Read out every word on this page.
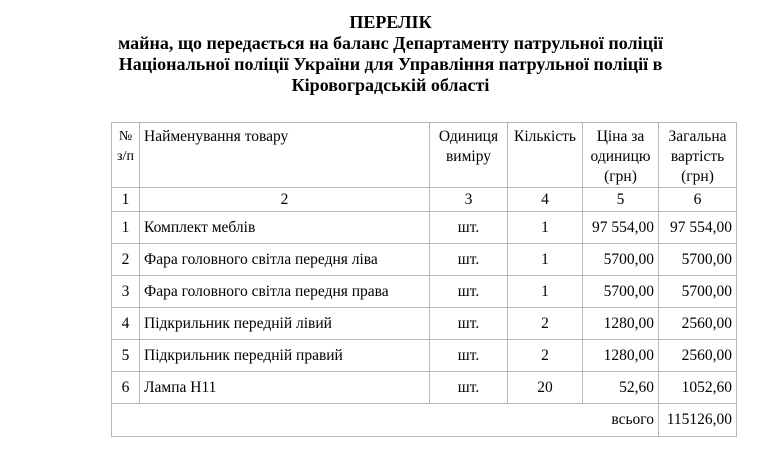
ПЕРЕЛІК
майна, що передається на баланс Департаменту патрульної поліції
Національної поліції України для Управління патрульної поліції в
Кіровоградській області
№ з/п	Найменування товару	Одиниця виміру	Кількість	Ціна за одиницю (грн)	Загальна вартість (грн)
1	2	3	4	5	6
1	Комплект меблів	шт.	1	97 554,00	97 554,00
2	Фара головного світла передня ліва	шт.	1	5700,00	5700,00
3	Фара головного світла передня права	шт.	1	5700,00	5700,00
4	Підкрильник передній лівий	шт.	2	1280,00	2560,00
5	Підкрильник передній правий	шт.	2	1280,00	2560,00
6	Лампа Н11	шт.	20	52,60	1052,60
всього					115126,00
